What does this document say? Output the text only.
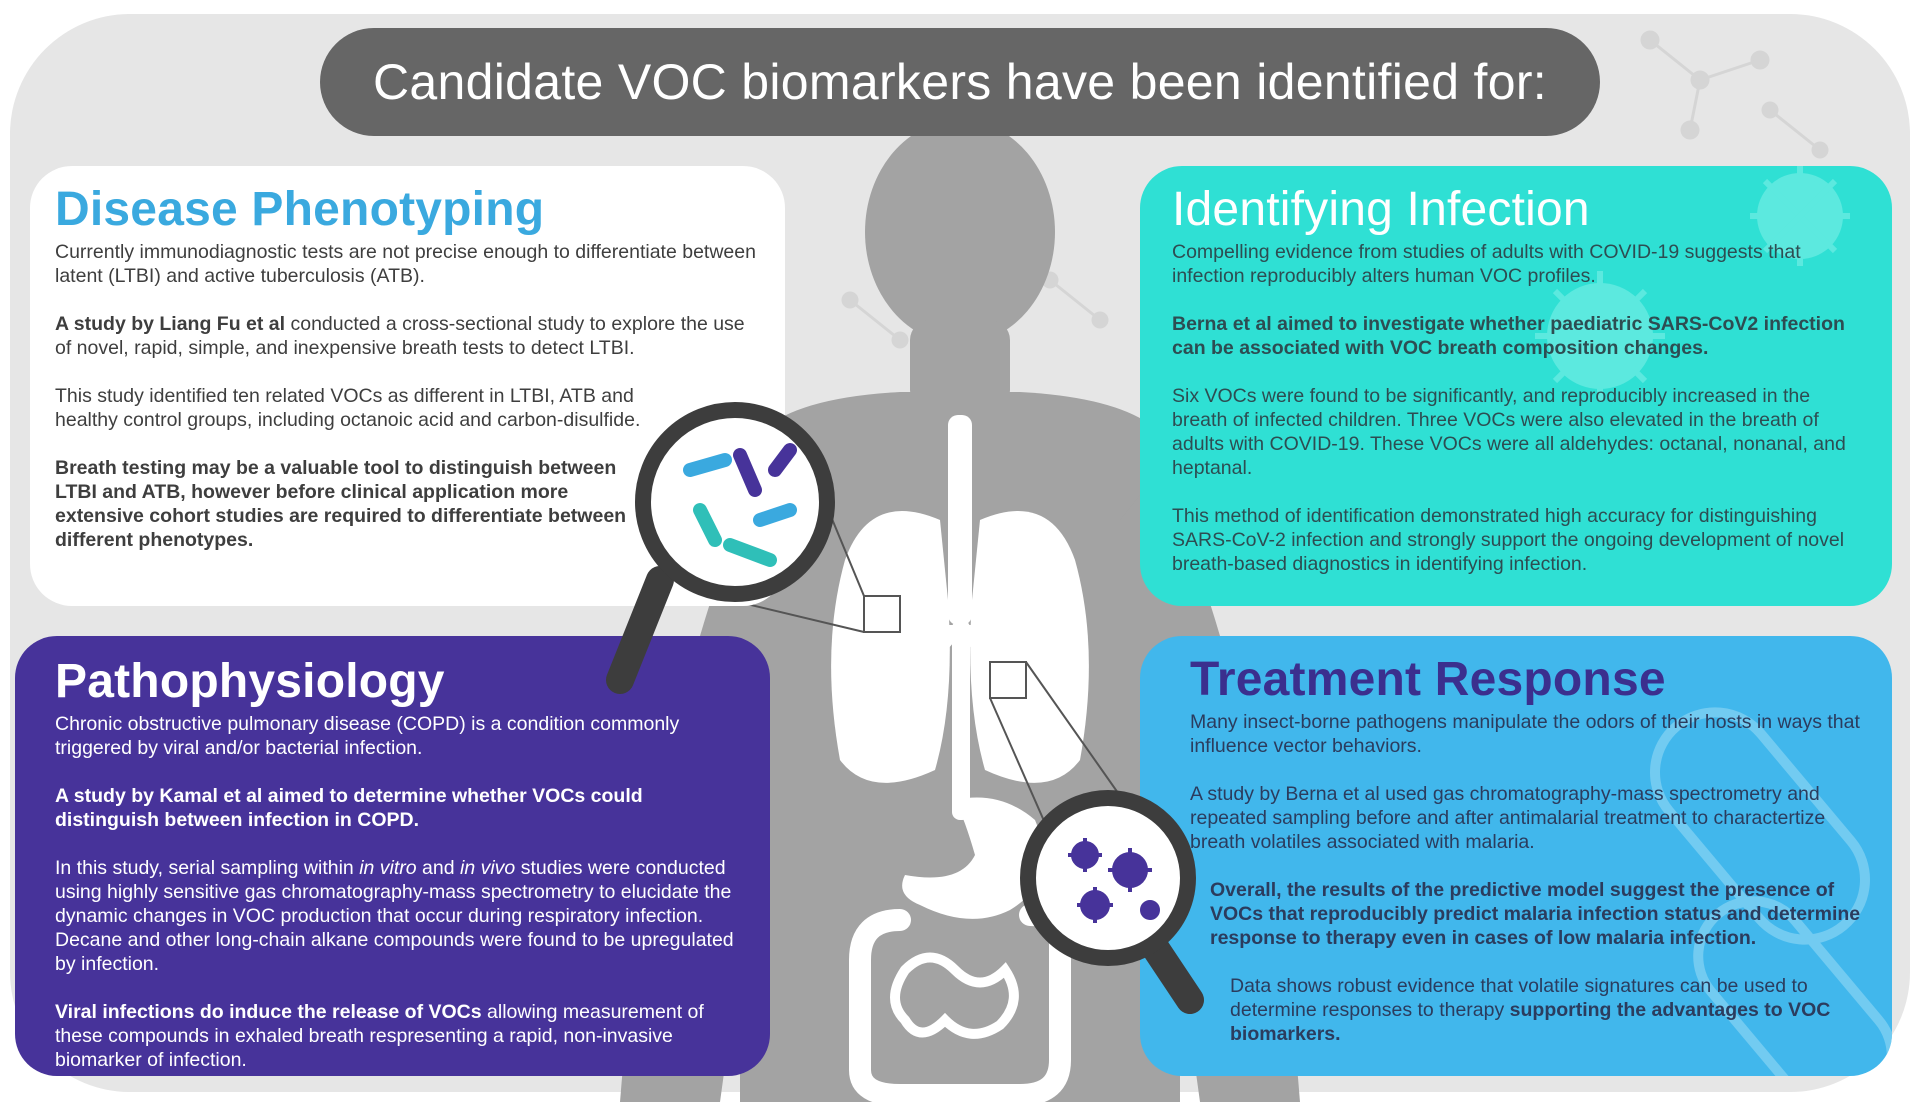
Candidate VOC biomarkers have been identified for:
Disease Phenotyping

Currently immunodiagnostic tests are not precise enough to differentiate between latent (LTBI) and active tuberculosis (ATB).

A study by Liang Fu et al conducted a cross-sectional study to explore the use of novel, rapid, simple, and inexpensive breath tests to detect LTBI.

This study identified ten related VOCs as different in LTBI, ATB and healthy control groups, including octanoic acid and carbon-disulfide.

Breath testing may be a valuable tool to distinguish between LTBI and ATB, however before clinical application more extensive cohort studies are required to differentiate between different phenotypes.

Identifying Infection

Compelling evidence from studies of adults with COVID-19 suggests that infection reproducibly alters human VOC profiles.

Berna et al aimed to investigate whether paediatric SARS-CoV2 infection can be associated with VOC breath composition changes.

Six VOCs were found to be significantly, and reproducibly increased in the breath of infected children. Three VOCs were also elevated in the breath of adults with COVID-19. These VOCs were all aldehydes: octanal, nonanal, and heptanal.

This method of identification demonstrated high accuracy for distinguishing SARS-CoV-2 infection and strongly support the ongoing development of novel breath-based diagnostics in identifying infection.

Pathophysiology

Chronic obstructive pulmonary disease (COPD) is a condition commonly triggered by viral and/or bacterial infection.

A study by Kamal et al aimed to determine whether VOCs could distinguish between infection in COPD.

In this study, serial sampling within in vitro and in vivo studies were conducted using highly sensitive gas chromatography-mass spectrometry to elucidate the dynamic changes in VOC production that occur during respiratory infection. Decane and other long-chain alkane compounds were found to be upregulated by infection.

Viral infections do induce the release of VOCs allowing measurement of these compounds in exhaled breath respresenting a rapid, non-invasive biomarker of infection.

Treatment Response

Many insect-borne pathogens manipulate the odors of their hosts in ways that influence vector behaviors.

A study by Berna et al used gas chromatography-mass spectrometry and repeated sampling before and after antimalarial treatment to charactertize breath volatiles associated with malaria.

Overall, the results of the predictive model suggest the presence of VOCs that reproducibly predict malaria infection status and determine response to therapy even in cases of low malaria infection.

Data shows robust evidence that volatile signatures can be used to determine responses to therapy supporting the advantages to VOC biomarkers.
